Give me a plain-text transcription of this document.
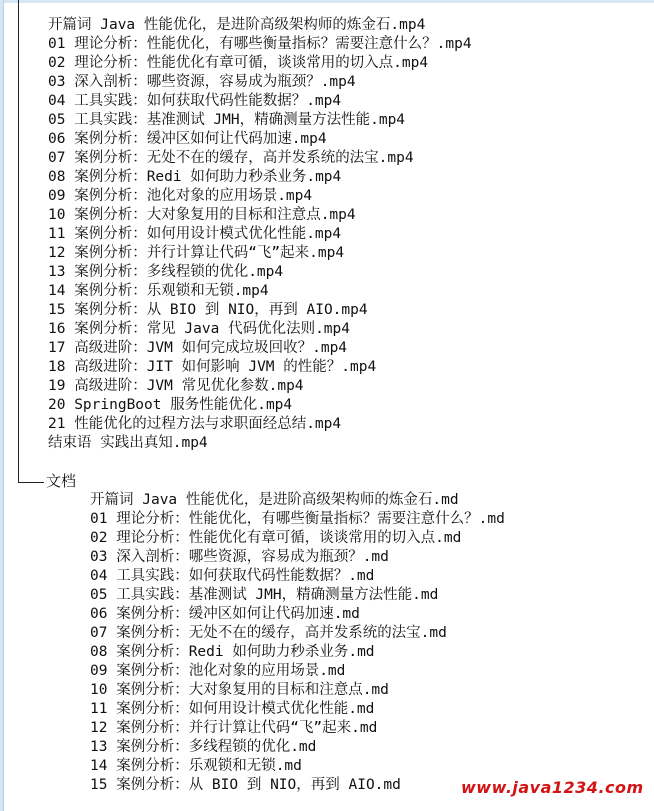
开篇词 Java 性能优化，是进阶高级架构师的炼金石.mp4
01 理论分析：性能优化，有哪些衡量指标？需要注意什么？.mp4
02 理论分析：性能优化有章可循，谈谈常用的切入点.mp4
03 深入剖析：哪些资源，容易成为瓶颈？.mp4
04 工具实践：如何获取代码性能数据？.mp4
05 工具实践：基准测试 JMH，精确测量方法性能.mp4
06 案例分析：缓冲区如何让代码加速.mp4
07 案例分析：无处不在的缓存，高并发系统的法宝.mp4
08 案例分析：Redi 如何助力秒杀业务.mp4
09 案例分析：池化对象的应用场景.mp4
10 案例分析：大对象复用的目标和注意点.mp4
11 案例分析：如何用设计模式优化性能.mp4
12 案例分析：并行计算让代码“飞”起来.mp4
13 案例分析：多线程锁的优化.mp4
14 案例分析：乐观锁和无锁.mp4
15 案例分析：从 BIO 到 NIO，再到 AIO.mp4
16 案例分析：常见 Java 代码优化法则.mp4
17 高级进阶：JVM 如何完成垃圾回收？.mp4
18 高级进阶：JIT 如何影响 JVM 的性能？.mp4
19 高级进阶：JVM 常见优化参数.mp4
20 SpringBoot 服务性能优化.mp4
21 性能优化的过程方法与求职面经总结.mp4
结束语 实践出真知.mp4
文档
开篇词 Java 性能优化，是进阶高级架构师的炼金石.md
01 理论分析：性能优化，有哪些衡量指标？需要注意什么？.md
02 理论分析：性能优化有章可循，谈谈常用的切入点.md
03 深入剖析：哪些资源，容易成为瓶颈？.md
04 工具实践：如何获取代码性能数据？.md
05 工具实践：基准测试 JMH，精确测量方法性能.md
06 案例分析：缓冲区如何让代码加速.md
07 案例分析：无处不在的缓存，高并发系统的法宝.md
08 案例分析：Redi 如何助力秒杀业务.md
09 案例分析：池化对象的应用场景.md
10 案例分析：大对象复用的目标和注意点.md
11 案例分析：如何用设计模式优化性能.md
12 案例分析：并行计算让代码“飞”起来.md
13 案例分析：多线程锁的优化.md
14 案例分析：乐观锁和无锁.md
15 案例分析：从 BIO 到 NIO，再到 AIO.md	www.java1234.com
